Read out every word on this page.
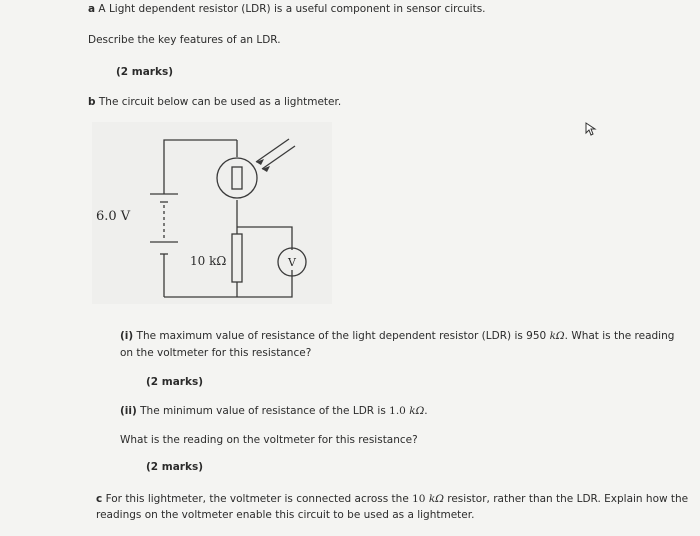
a A Light dependent resistor (LDR) is a useful component in sensor circuits.
Describe the key features of an LDR.
(2 marks)
b The circuit below can be used as a lightmeter.
6.0 V
10 kΩ	V
(i) The maximum value of resistance of the light dependent resistor (LDR) is 950 kΩ. What is the reading
on the voltmeter for this resistance?
(2 marks)
(ii) The minimum value of resistance of the LDR is 1.0 kΩ.
What is the reading on the voltmeter for this resistance?
(2 marks)
c For this lightmeter, the voltmeter is connected across the 10 kΩ resistor, rather than the LDR. Explain how the
readings on the voltmeter enable this circuit to be used as a lightmeter.
